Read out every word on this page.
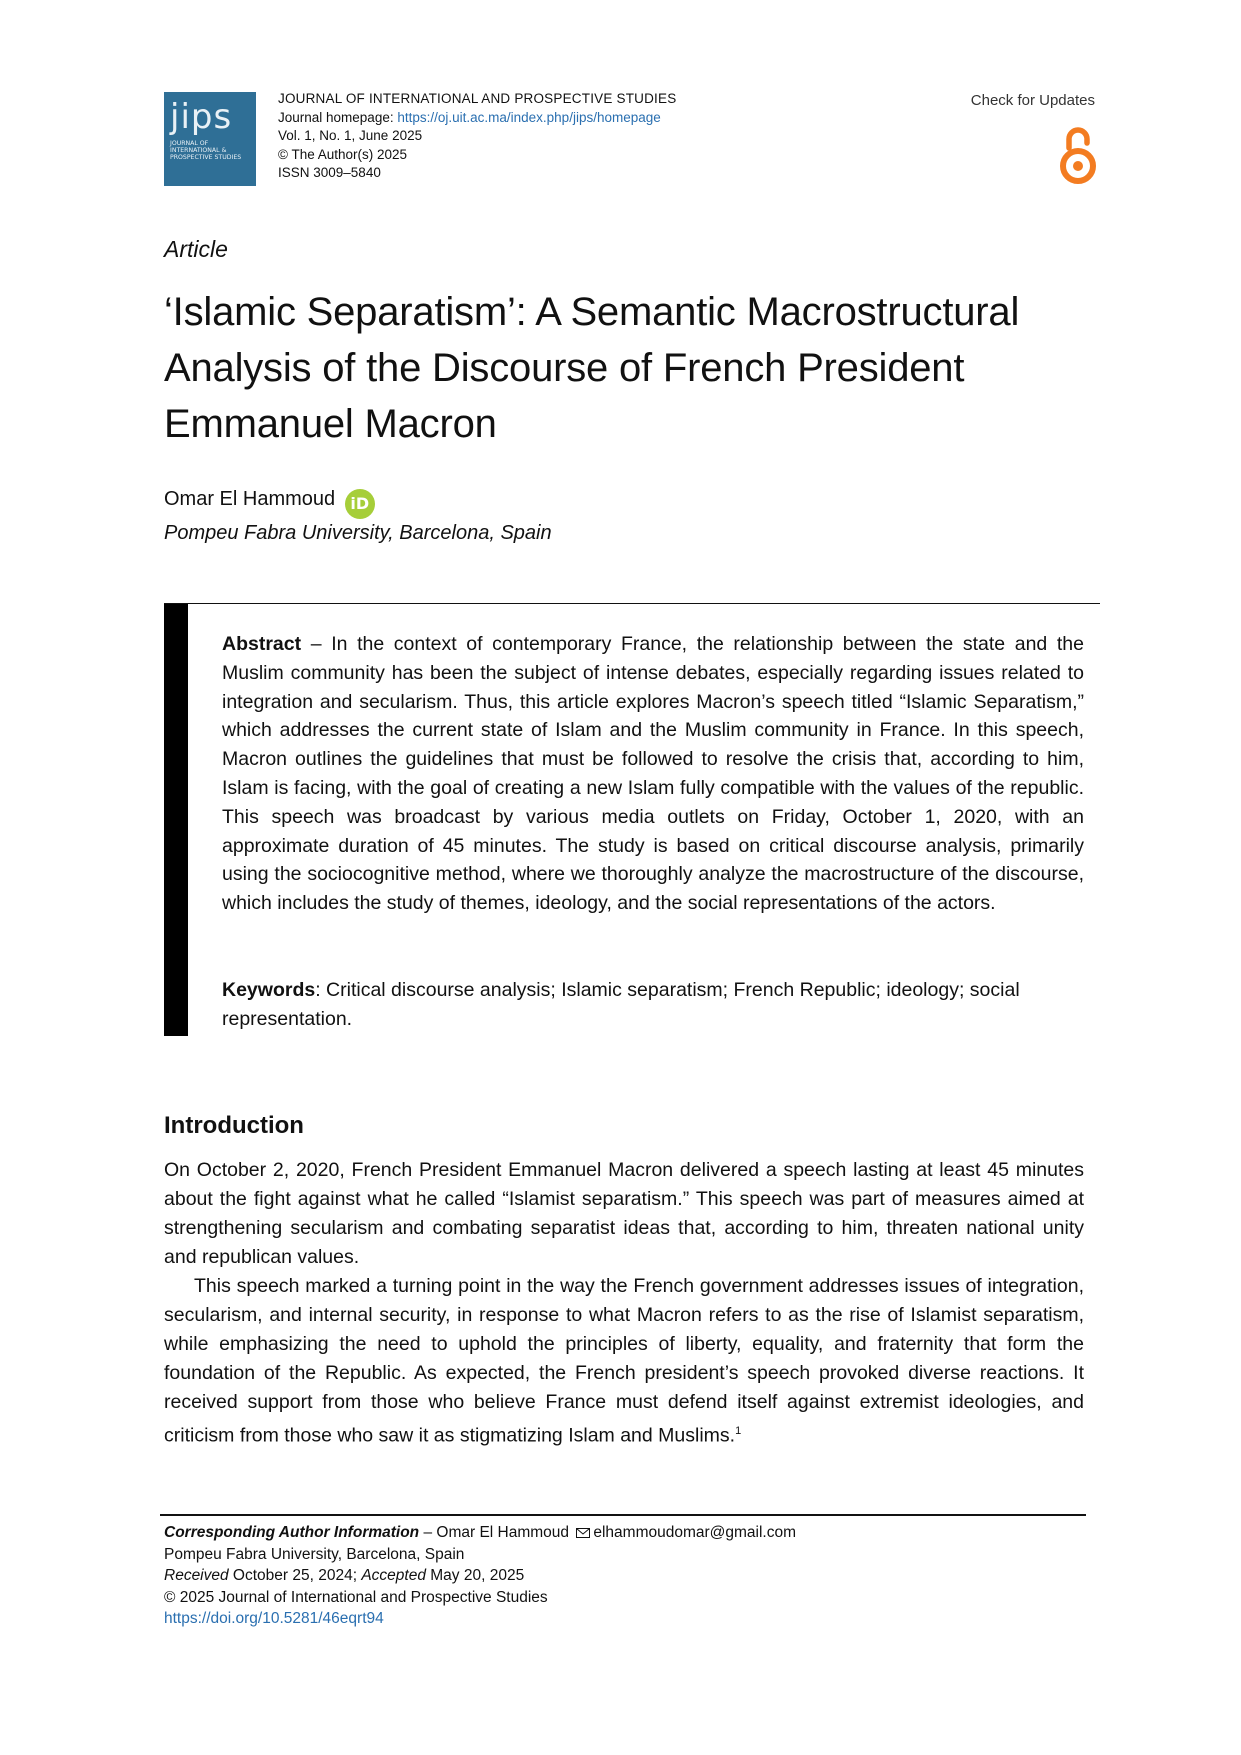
jips
JOURNAL OF INTERNATIONAL & PROSPECTIVE STUDIES
JOURNAL OF INTERNATIONAL AND PROSPECTIVE STUDIES
Journal homepage: https://oj.uit.ac.ma/index.php/jips/homepage
Vol. 1, No. 1, June 2025
© The Author(s) 2025
ISSN 3009–5840
Check for Updates
Article
‘Islamic Separatism’: A Semantic Macrostructural Analysis of the Discourse of French President Emmanuel Macron
Omar El Hammoud iD
Pompeu Fabra University, Barcelona, Spain
Abstract – In the context of contemporary France, the relationship between the state and the Muslim community has been the subject of intense debates, especially regarding issues related to integration and secularism. Thus, this article explores Macron’s speech titled “Islamic Separatism,” which addresses the current state of Islam and the Muslim community in France. In this speech, Macron outlines the guidelines that must be followed to resolve the crisis that, according to him, Islam is facing, with the goal of creating a new Islam fully compatible with the values of the republic. This speech was broadcast by various media outlets on Friday, October 1, 2020, with an approximate duration of 45 minutes. The study is based on critical discourse analysis, primarily using the sociocognitive method, where we thoroughly analyze the macrostructure of the discourse, which includes the study of themes, ideology, and the social representations of the actors.
Keywords: Critical discourse analysis; Islamic separatism; French Republic; ideology; social representation.
Introduction

On October 2, 2020, French President Emmanuel Macron delivered a speech lasting at least 45 minutes about the fight against what he called “Islamist separatism.” This speech was part of measures aimed at strengthening secularism and combating separatist ideas that, according to him, threaten national unity and republican values.

This speech marked a turning point in the way the French government addresses issues of integration, secularism, and internal security, in response to what Macron refers to as the rise of Islamist separatism, while emphasizing the need to uphold the principles of liberty, equality, and fraternity that form the foundation of the Republic. As expected, the French president’s speech provoked diverse reactions. It received support from those who believe France must defend itself against extremist ideologies, and criticism from those who saw it as stigmatizing Islam and Muslims.$^1$

Corresponding Author Information – Omar El Hammoud elhammoudomar@gmail.com
Pompeu Fabra University, Barcelona, Spain
Received October 25, 2024; Accepted May 20, 2025
© 2025 Journal of International and Prospective Studies
https://doi.org/10.5281/46eqrt94
